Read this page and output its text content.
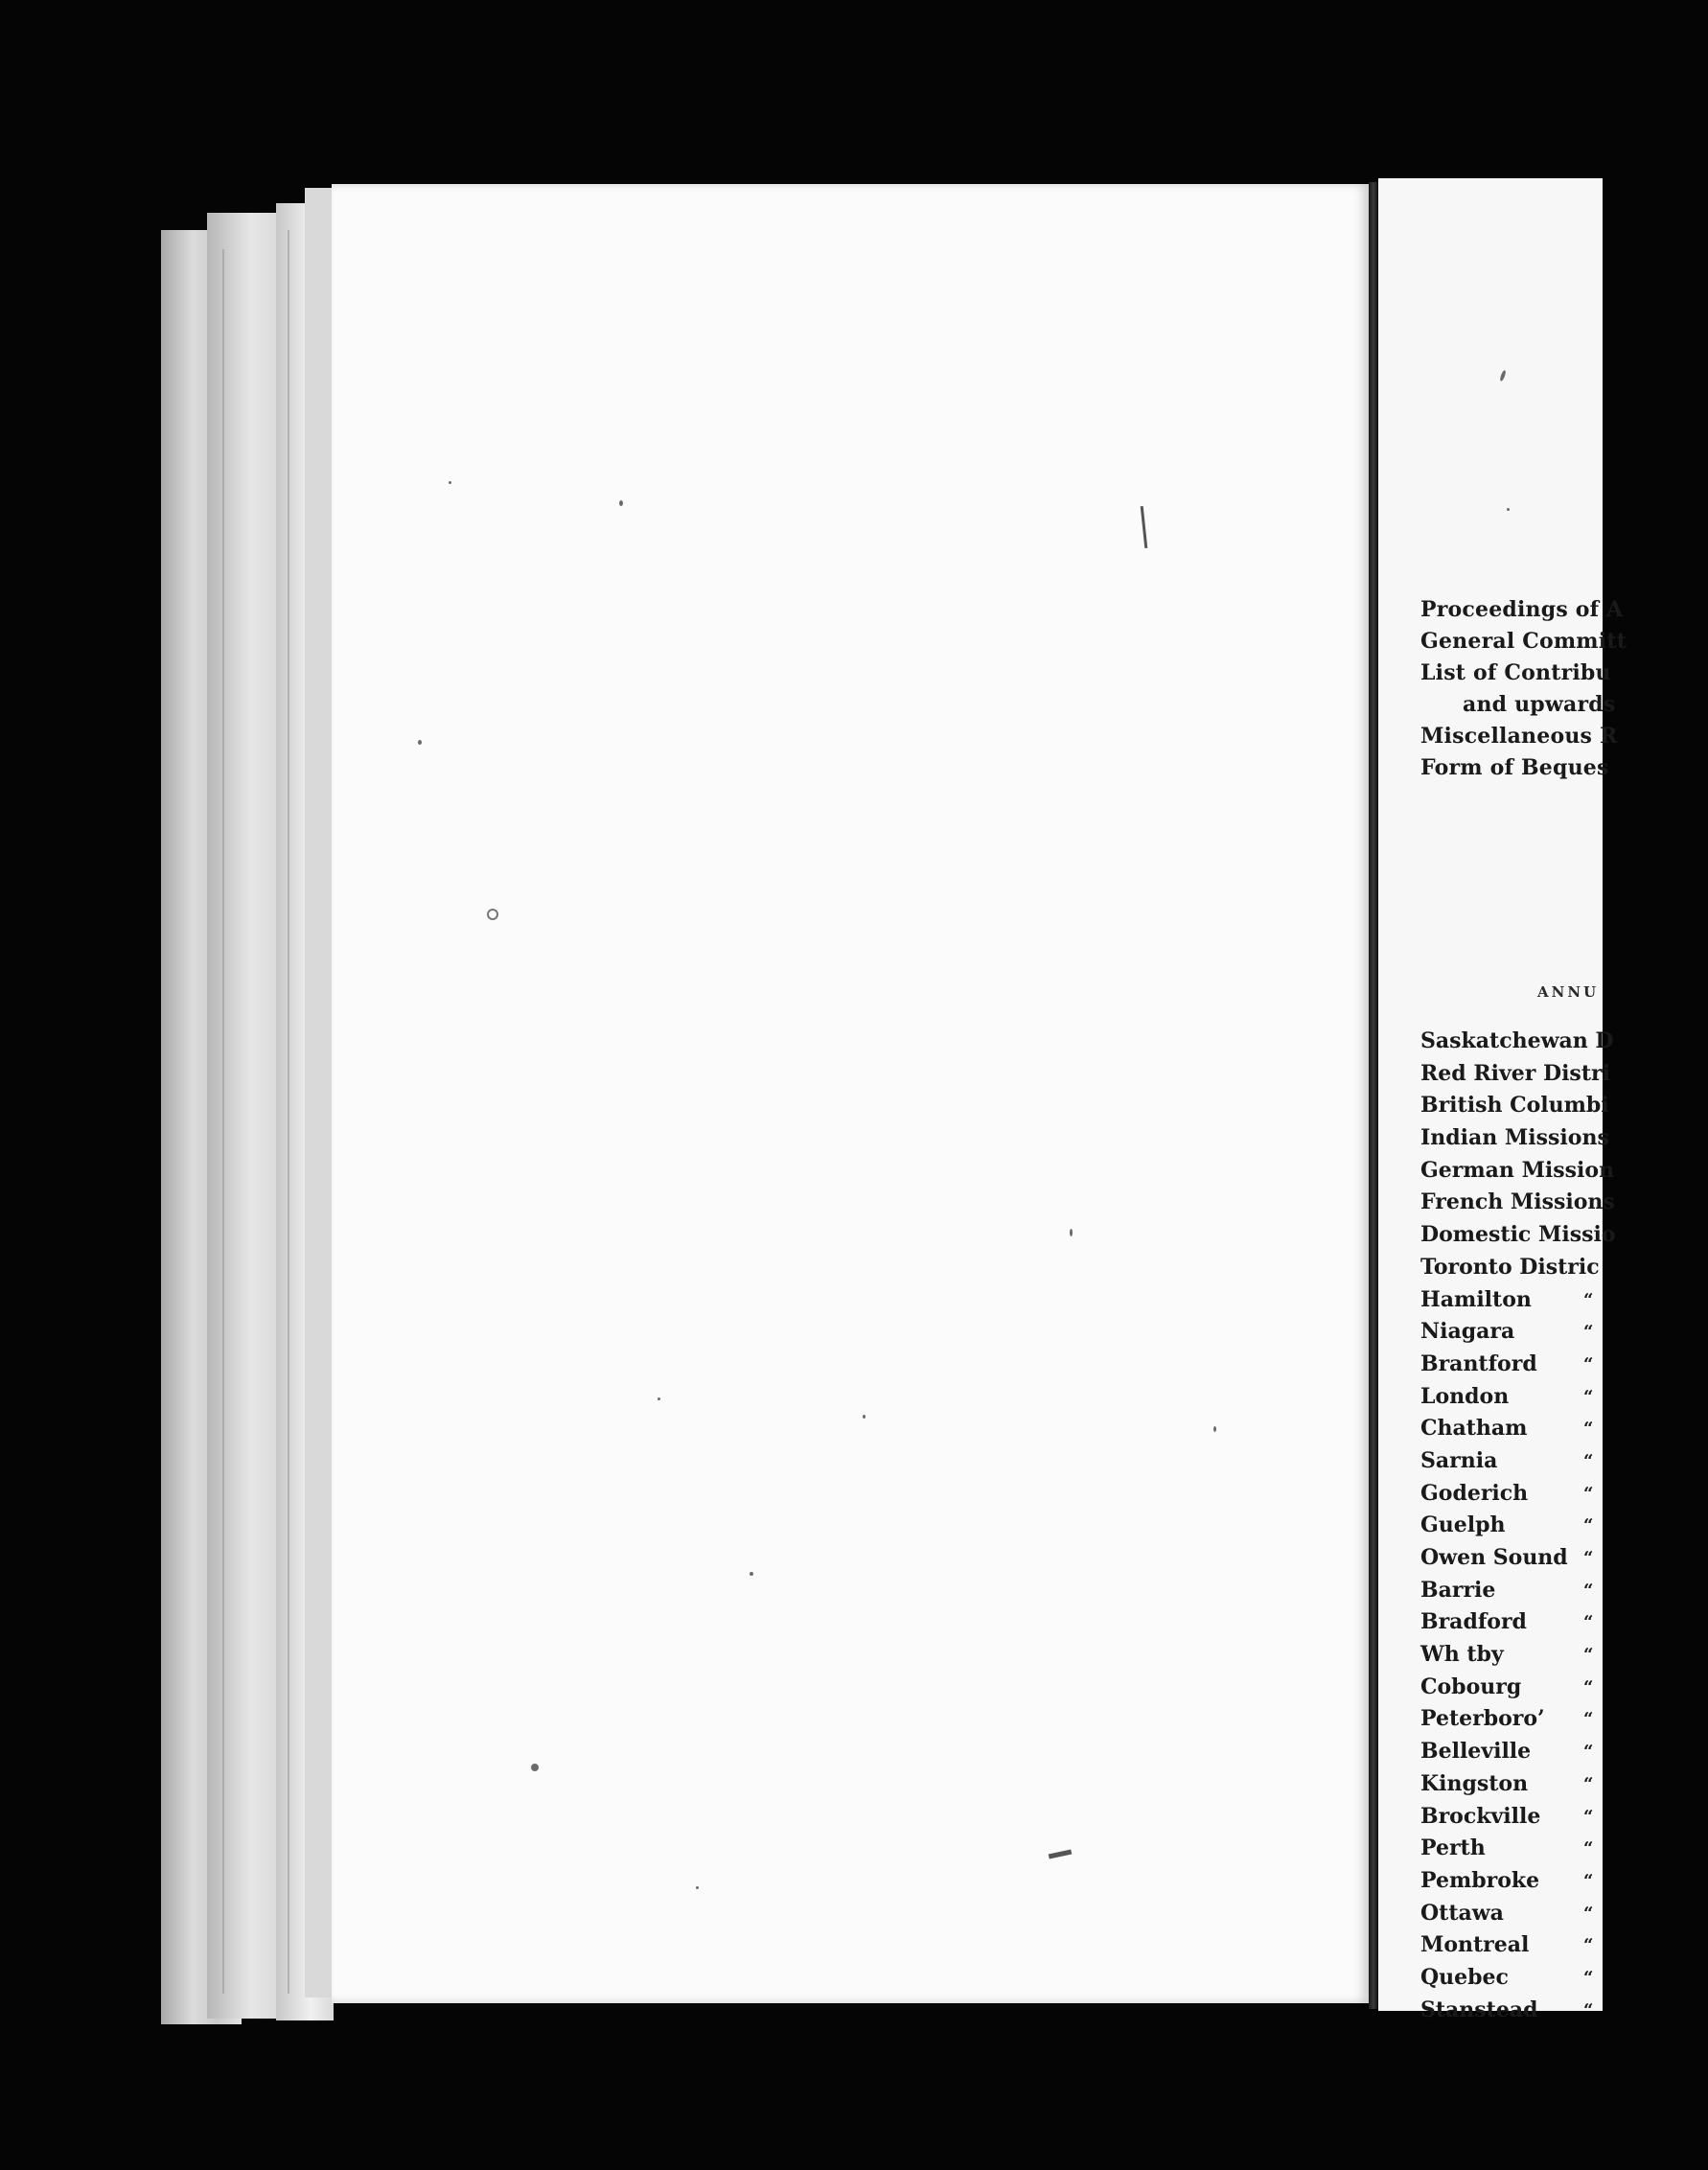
Proceedings of A
General Committ
List of Contribu
and upwards
Miscellaneous R
Form of Beques
ANNU
Saskatchewan D
Red River Distri
British Columbi
Indian Missions
German Mission
French Missions
Domestic Missio
Toronto Distric
Hamilton	“
Niagara	“
Brantford	“
London	“
Chatham	“
Sarnia	“
Goderich	“
Guelph	“
Owen Sound “
Barrie	“
Bradford	“
Wh tby	“
Cobourg	“
Peterboro’ “
Belleville	“
Kingston	“
Brockville “
Perth	“
Pembroke	“
Ottawa	“
Montreal	“
Quebec	“
Stanstead	“
